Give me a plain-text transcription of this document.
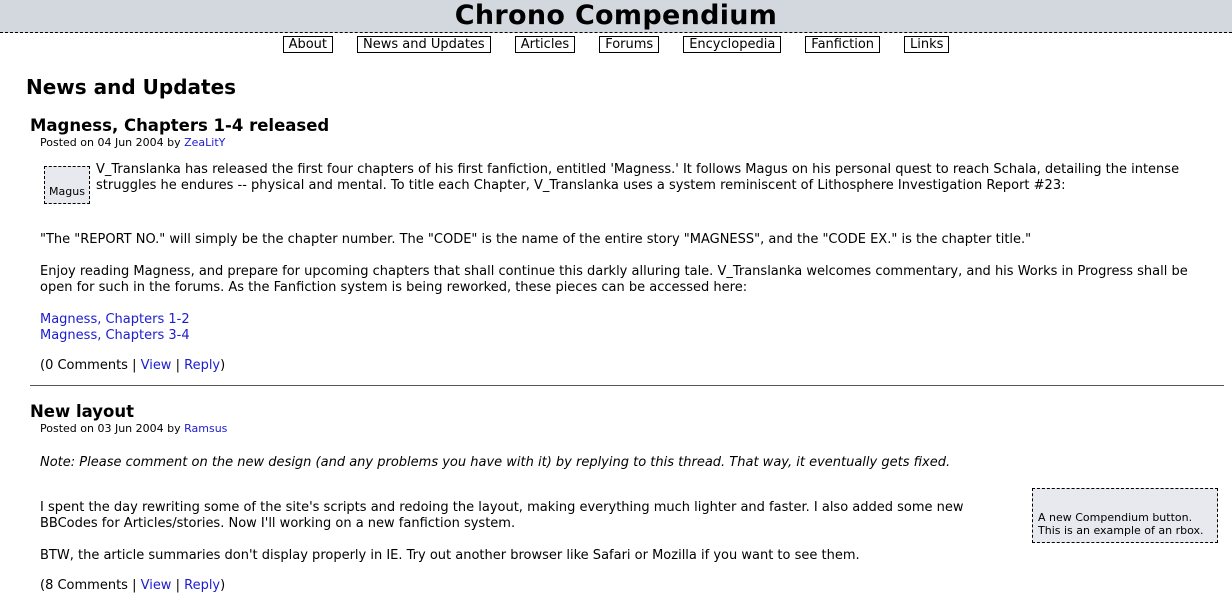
Chrono Compendium
About	News and Updates	Articles	Forums	Encyclopedia	Fanfiction	Links
News and Updates
Magness, Chapters 1-4 released
Posted on 04 Jun 2004 by ZeaLitY
Magus

V_Translanka has released the first four chapters of his first fanfiction, entitled 'Magness.' It follows Magus on his personal quest to reach Schala, detailing the intense struggles he endures -- physical and mental. To title each Chapter, V_Translanka uses a system reminiscent of Lithosphere Investigation Report #23:

"The "REPORT NO." will simply be the chapter number. The "CODE" is the name of the entire story "MAGNESS", and the "CODE EX." is the chapter title."

Enjoy reading Magness, and prepare for upcoming chapters that shall continue this darkly alluring tale. V_Translanka welcomes commentary, and his Works in Progress shall be open for such in the forums. As the Fanfiction system is being reworked, these pieces can be accessed here:

Magness, Chapters 1-2
Magness, Chapters 3-4
(0 Comments | View | Reply)
New layout
Posted on 03 Jun 2004 by Ramsus

Note: Please comment on the new design (and any problems you have with it) by replying to this thread. That way, it eventually gets fixed.

A new Compendium button. This is an example of an rbox.

I spent the day rewriting some of the site's scripts and redoing the layout, making everything much lighter and faster. I also added some new BBCodes for Articles/stories. Now I'll working on a new fanfiction system.

BTW, the article summaries don't display properly in IE. Try out another browser like Safari or Mozilla if you want to see them.

(8 Comments | View | Reply)
